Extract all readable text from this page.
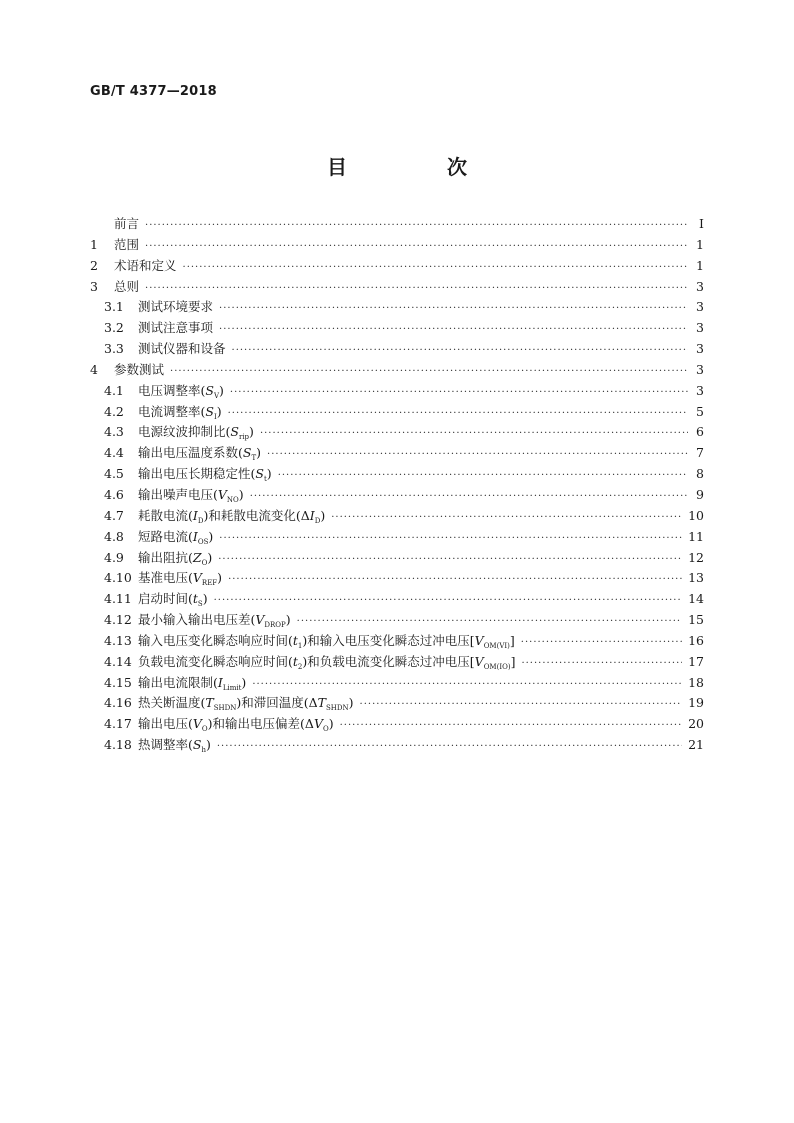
GB/T 4377—2018
目　次
前言 ·····	Ⅰ
1	范围 ·····	1
2	术语和定义 ·····	1
3	总则 ·····	3
3.1	测试环境要求 ·····	3
3.2	测试注意事项 ·····	3
3.3	测试仪器和设备 ·····	3
4	参数测试 ·····	3
4.1	电压调整率$(S_V)$ ·····	3
4.2	电流调整率$(S_I)$ ·····	5
4.3	电源纹波抑制比$(S_{rip})$ ·····	6
4.4	输出电压温度系数$(S_T)$ ·····	7
4.5	输出电压长期稳定性$(S_t)$ ·····	8
4.6	输出噪声电压$(V_{NO})$ ·····	9
4.7	耗散电流$(I_D)$和耗散电流变化$(\Delta I_D)$ ·····	10
4.8	短路电流$(I_{OS})$ ·····	11
4.9	输出阻抗$(Z_O)$ ·····	12
4.10 基准电压$(V_{REF})$ ·····	13
4.11 启动时间$(t_S)$ ·····	14
4.12 最小输入输出电压差$(V_{DROP})$ ·····	15
4.13 输入电压变化瞬态响应时间$(t_1)$和输入电压变化瞬态过冲电压$[V_{OM(VI)}]$ ·····	16
4.14 负载电流变化瞬态响应时间$(t_2)$和负载电流变化瞬态过冲电压$[V_{OM(IO)}]$ ·····	17
4.15 输出电流限制$(I_{Limit})$ ·····	18
4.16 热关断温度$(T_{SHDN})$和滞回温度$(\Delta T_{SHDN})$ ·····	19
4.17 输出电压$(V_O)$和输出电压偏差$(\Delta V_O)$ ·····	20
4.18 热调整率$(S_h)$ ·····	21
